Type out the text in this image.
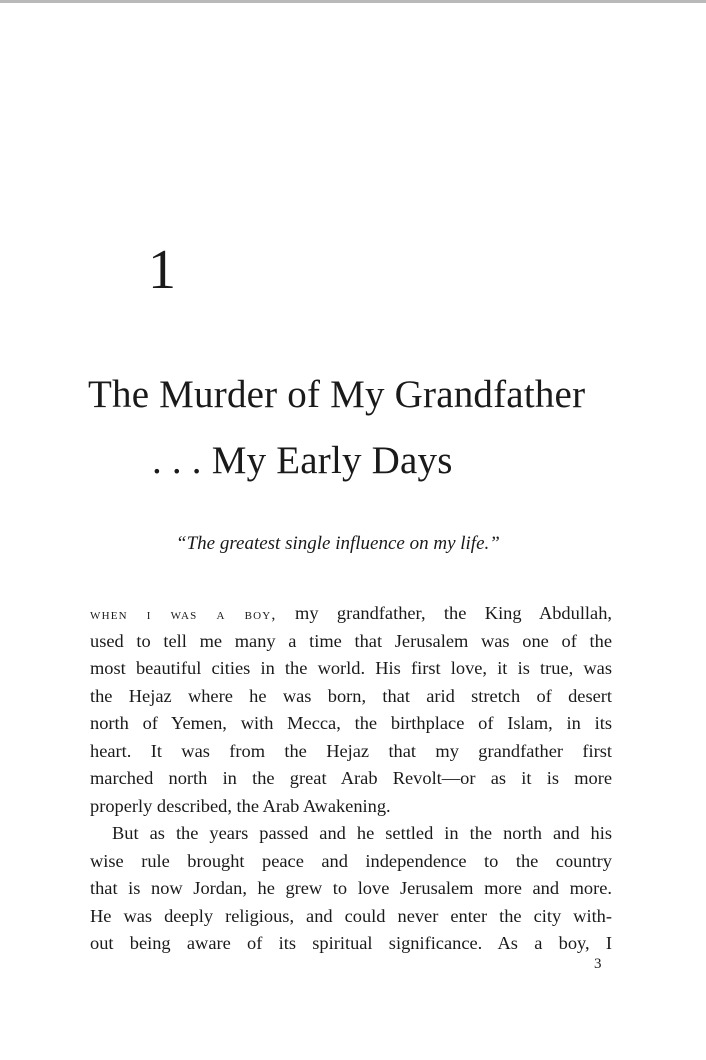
1
The Murder of My Grandfather
. . . My Early Days
“The greatest single influence on my life.”
when i was a boy, my grandfather, the King Abdullah,
used to tell me many a time that Jerusalem was one of the
most beautiful cities in the world. His first love, it is true, was
the Hejaz where he was born, that arid stretch of desert
north of Yemen, with Mecca, the birthplace of Islam, in its
heart. It was from the Hejaz that my grandfather first
marched north in the great Arab Revolt—or as it is more
properly described, the Arab Awakening.
But as the years passed and he settled in the north and his
wise rule brought peace and independence to the country
that is now Jordan, he grew to love Jerusalem more and more.
He was deeply religious, and could never enter the city with-
out being aware of its spiritual significance. As a boy, I
3
